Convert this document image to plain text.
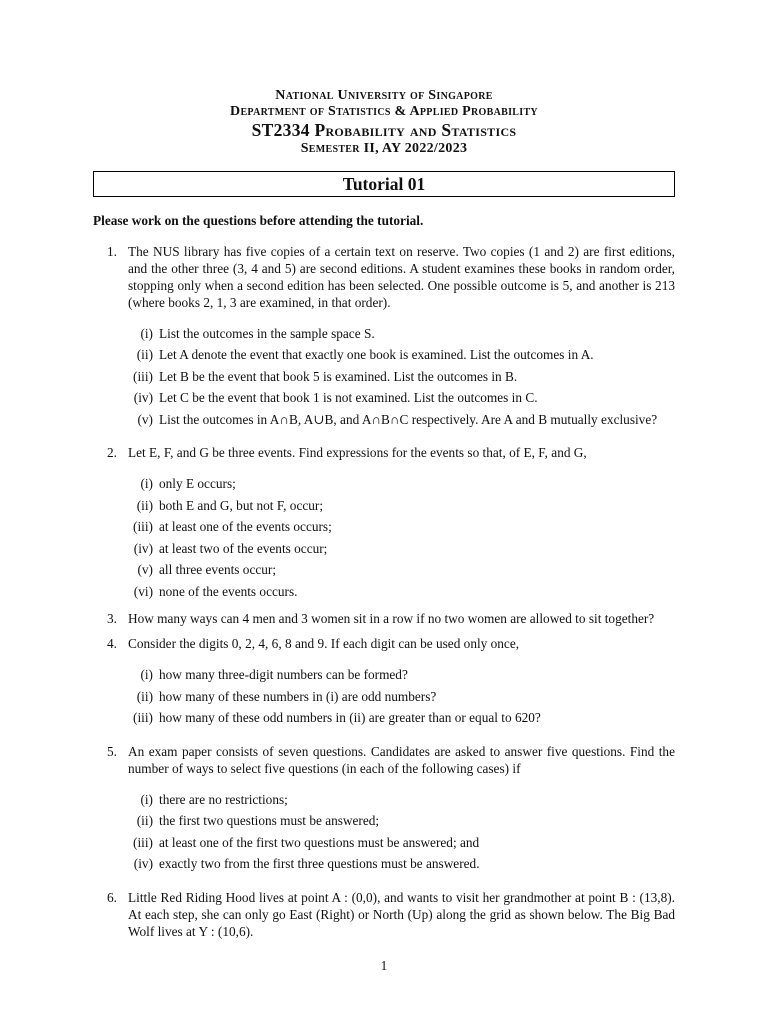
National University of Singapore
Department of Statistics & Applied Probability
ST2334 Probability and Statistics
Semester II, AY 2022/2023
Tutorial 01
Please work on the questions before attending the tutorial.
1. The NUS library has five copies of a certain text on reserve. Two copies (1 and 2) are first editions, and the other three (3, 4 and 5) are second editions. A student examines these books in random order, stopping only when a second edition has been selected. One possible outcome is 5, and another is 213 (where books 2, 1, 3 are examined, in that order).
(i) List the outcomes in the sample space S.
(ii) Let A denote the event that exactly one book is examined. List the outcomes in A.
(iii) Let B be the event that book 5 is examined. List the outcomes in B.
(iv) Let C be the event that book 1 is not examined. List the outcomes in C.
(v) List the outcomes in A∩B, A∪B, and A∩B∩C respectively. Are A and B mutually exclusive?
2. Let E, F, and G be three events. Find expressions for the events so that, of E, F, and G,
(i) only E occurs;
(ii) both E and G, but not F, occur;
(iii) at least one of the events occurs;
(iv) at least two of the events occur;
(v) all three events occur;
(vi) none of the events occurs.
3. How many ways can 4 men and 3 women sit in a row if no two women are allowed to sit together?
4. Consider the digits 0, 2, 4, 6, 8 and 9. If each digit can be used only once,
(i) how many three-digit numbers can be formed?
(ii) how many of these numbers in (i) are odd numbers?
(iii) how many of these odd numbers in (ii) are greater than or equal to 620?
5. An exam paper consists of seven questions. Candidates are asked to answer five questions. Find the number of ways to select five questions (in each of the following cases) if
(i) there are no restrictions;
(ii) the first two questions must be answered;
(iii) at least one of the first two questions must be answered; and
(iv) exactly two from the first three questions must be answered.
6. Little Red Riding Hood lives at point A : (0,0), and wants to visit her grandmother at point B : (13,8). At each step, she can only go East (Right) or North (Up) along the grid as shown below. The Big Bad Wolf lives at Y : (10,6).
1
